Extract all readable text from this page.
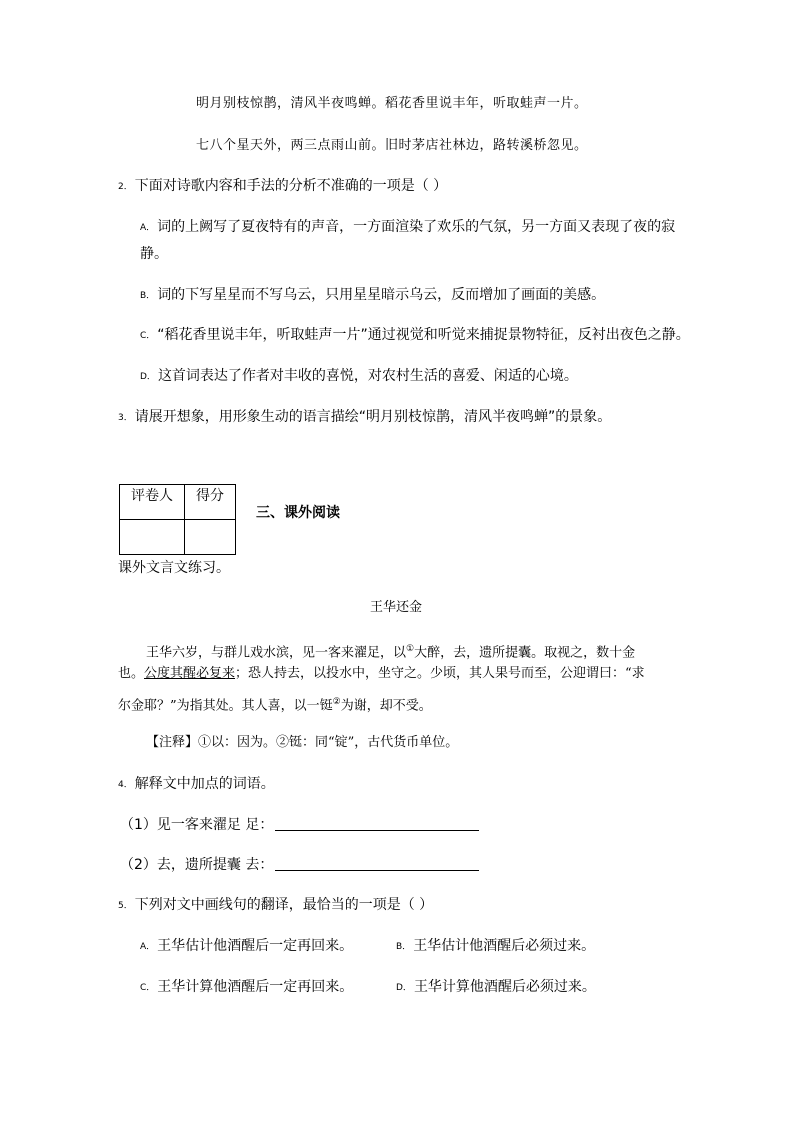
明月别枝惊鹊，清风半夜鸣蝉。稻花香里说丰年，听取蛙声一片。
七八个星天外，两三点雨山前。旧时茅店社林边，路转溪桥忽见。
2． 下面对诗歌内容和手法的分析不准确的一项是（ ）
A． 词的上阙写了夏夜特有的声音，一方面渲染了欢乐的气氛，另一方面又表现了夜的寂
静。
B． 词的下写星星而不写乌云，只用星星暗示乌云，反而增加了画面的美感。
C． “稻花香里说丰年，听取蛙声一片”通过视觉和听觉来捕捉景物特征，反衬出夜色之静。
D． 这首词表达了作者对丰收的喜悦，对农村生活的喜爱、闲适的心境。
3． 请展开想象，用形象生动的语言描绘“明月别枝惊鹊，清风半夜鸣蝉”的景象。
评卷人	得分

三、课外阅读
课外文言文练习。
王华还金
王华六岁，与群儿戏水滨，见一客来濯足，以①大醉，去，遗所提囊。取视之，数十金
也。公度其醒必复来；恐人持去，以投水中，坐守之。少顷，其人果号而至，公迎谓曰：“求
尔金耶？”为指其处。其人喜，以一铤②为谢，却不受。
【注释】①以：因为。②铤：同“锭”，古代货币单位。
4． 解释文中加点的词语。
（1）见一客来濯足 足：
（2）去，遗所提囊 去：
5． 下列对文中画线句的翻译，最恰当的一项是（ ）
A． 王华估计他酒醒后一定再回来。	B． 王华估计他酒醒后必须过来。
C． 王华计算他酒醒后一定再回来。	D． 王华计算他酒醒后必须过来。
